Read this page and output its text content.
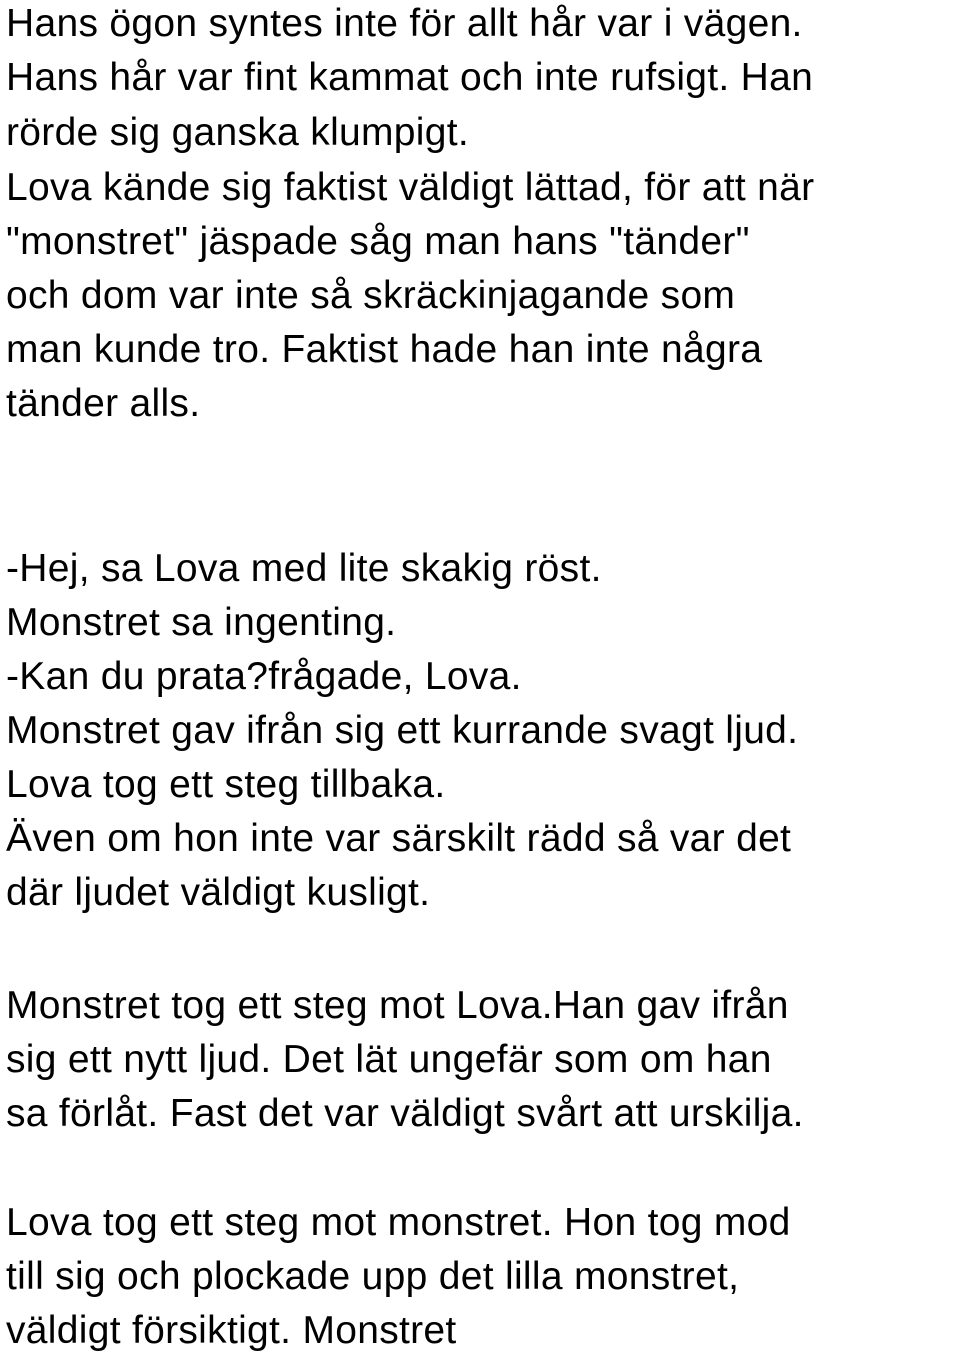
Hans ögon syntes inte för allt hår var i vägen.
Hans hår var fint kammat och inte rufsigt. Han
rörde sig ganska klumpigt.
Lova kände sig faktist väldigt lättad, för att när
"monstret" jäspade såg man hans "tänder"
och dom var inte så skräckinjagande som
man kunde tro. Faktist hade han inte några
tänder alls.
-Hej, sa Lova med lite skakig röst.
Monstret sa ingenting.
-Kan du prata?frågade, Lova.
Monstret gav ifrån sig ett kurrande svagt ljud.
Lova tog ett steg tillbaka.
Även om hon inte var särskilt rädd så var det
där ljudet väldigt kusligt.
Monstret tog ett steg mot Lova.Han gav ifrån
sig ett nytt ljud. Det lät ungefär som om han
sa förlåt. Fast det var väldigt svårt att urskilja.
Lova tog ett steg mot monstret. Hon tog mod
till sig och plockade upp det lilla monstret,
väldigt försiktigt. Monstret
